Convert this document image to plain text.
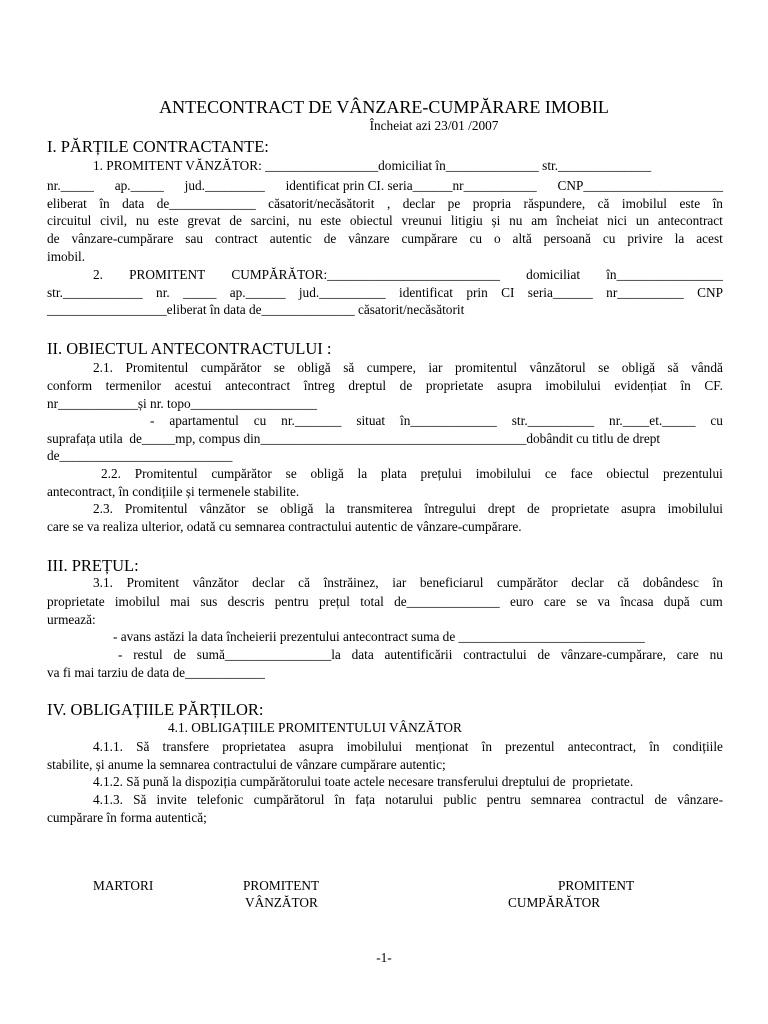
ANTECONTRACT DE VÂNZARE-CUMPĂRARE IMOBIL
Încheiat azi 23/01 /2007
I. PĂRȚILE CONTRACTANTE:
1. PROMITENT VĂNZĂTOR: _________________domiciliat în______________ str.______________
nr._____ ap._____ jud._________ identificat prin CI. seria______nr___________ CNP_____________________
eliberat în data de_____________ căsatorit/necăsătorit , declar pe propria răspundere, că imobilul este în
circuitul civil, nu este grevat de sarcini, nu este obiectul vreunui litigiu și nu am încheiat nici un antecontract
de vânzare-cumpărare sau contract autentic de vânzare cumpărare cu o altă persoană cu privire la acest
imobil.
2. PROMITENT CUMPĂRĂTOR:__________________________ domiciliat în________________
str.____________ nr. _____ ap.______ jud.__________ identificat prin CI seria______ nr__________ CNP
__________________eliberat în data de______________ căsatorit/necăsătorit
II. OBIECTUL ANTECONTRACTULUI :
2.1. Promitentul cumpărător se obligă să cumpere, iar promitentul vânzătorul se obligă să vândă
conform termenilor acestui antecontract întreg dreptul de proprietate asupra imobilului evidențiat în CF.
nr____________și nr. topo___________________
- apartamentul cu nr._______ situat în_____________ str.__________ nr.____et._____ cu
suprafața utila  de_____mp, compus din________________________________________dobândit cu titlu de drept
de__________________________
2.2. Promitentul cumpărător se obligă la plata prețului imobilului ce face obiectul prezentului
antecontract, în condițiile și termenele stabilite.
2.3. Promitentul vânzător se obligă la transmiterea întregului drept de proprietate asupra imobilului
care se va realiza ulterior, odată cu semnarea contractului autentic de vânzare-cumpărare.
III. PREȚUL:
3.1. Promitent vânzător declar că înstrăinez, iar beneficiarul cumpărător declar că dobândesc în
proprietate imobilul mai sus descris pentru prețul total de______________ euro care se va încasa după cum
urmează:
- avans astăzi la data încheierii prezentului antecontract suma de ____________________________
- restul de sumă________________la data autentificării contractului de vânzare-cumpărare, care nu
va fi mai tarziu de data de____________
IV. OBLIGAȚIILE PĂRȚILOR:
4.1. OBLIGAȚIILE PROMITENTULUI VÂNZĂTOR
4.1.1. Să transfere proprietatea asupra imobilului menționat în prezentul antecontract, în condițiile
stabilite, și anume la semnarea contractului de vânzare cumpărare autentic;
4.1.2. Să pună la dispoziția cumpărătorului toate actele necesare transferului dreptului de  proprietate.
4.1.3. Să invite telefonic cumpărătorul în fața notarului public pentru semnarea contractul de vânzare-
cumpărare în forma autentică;
MARTORI	PROMITENT
VÂNZĂTOR
PROMITENT
CUMPĂRĂTOR
-1-
